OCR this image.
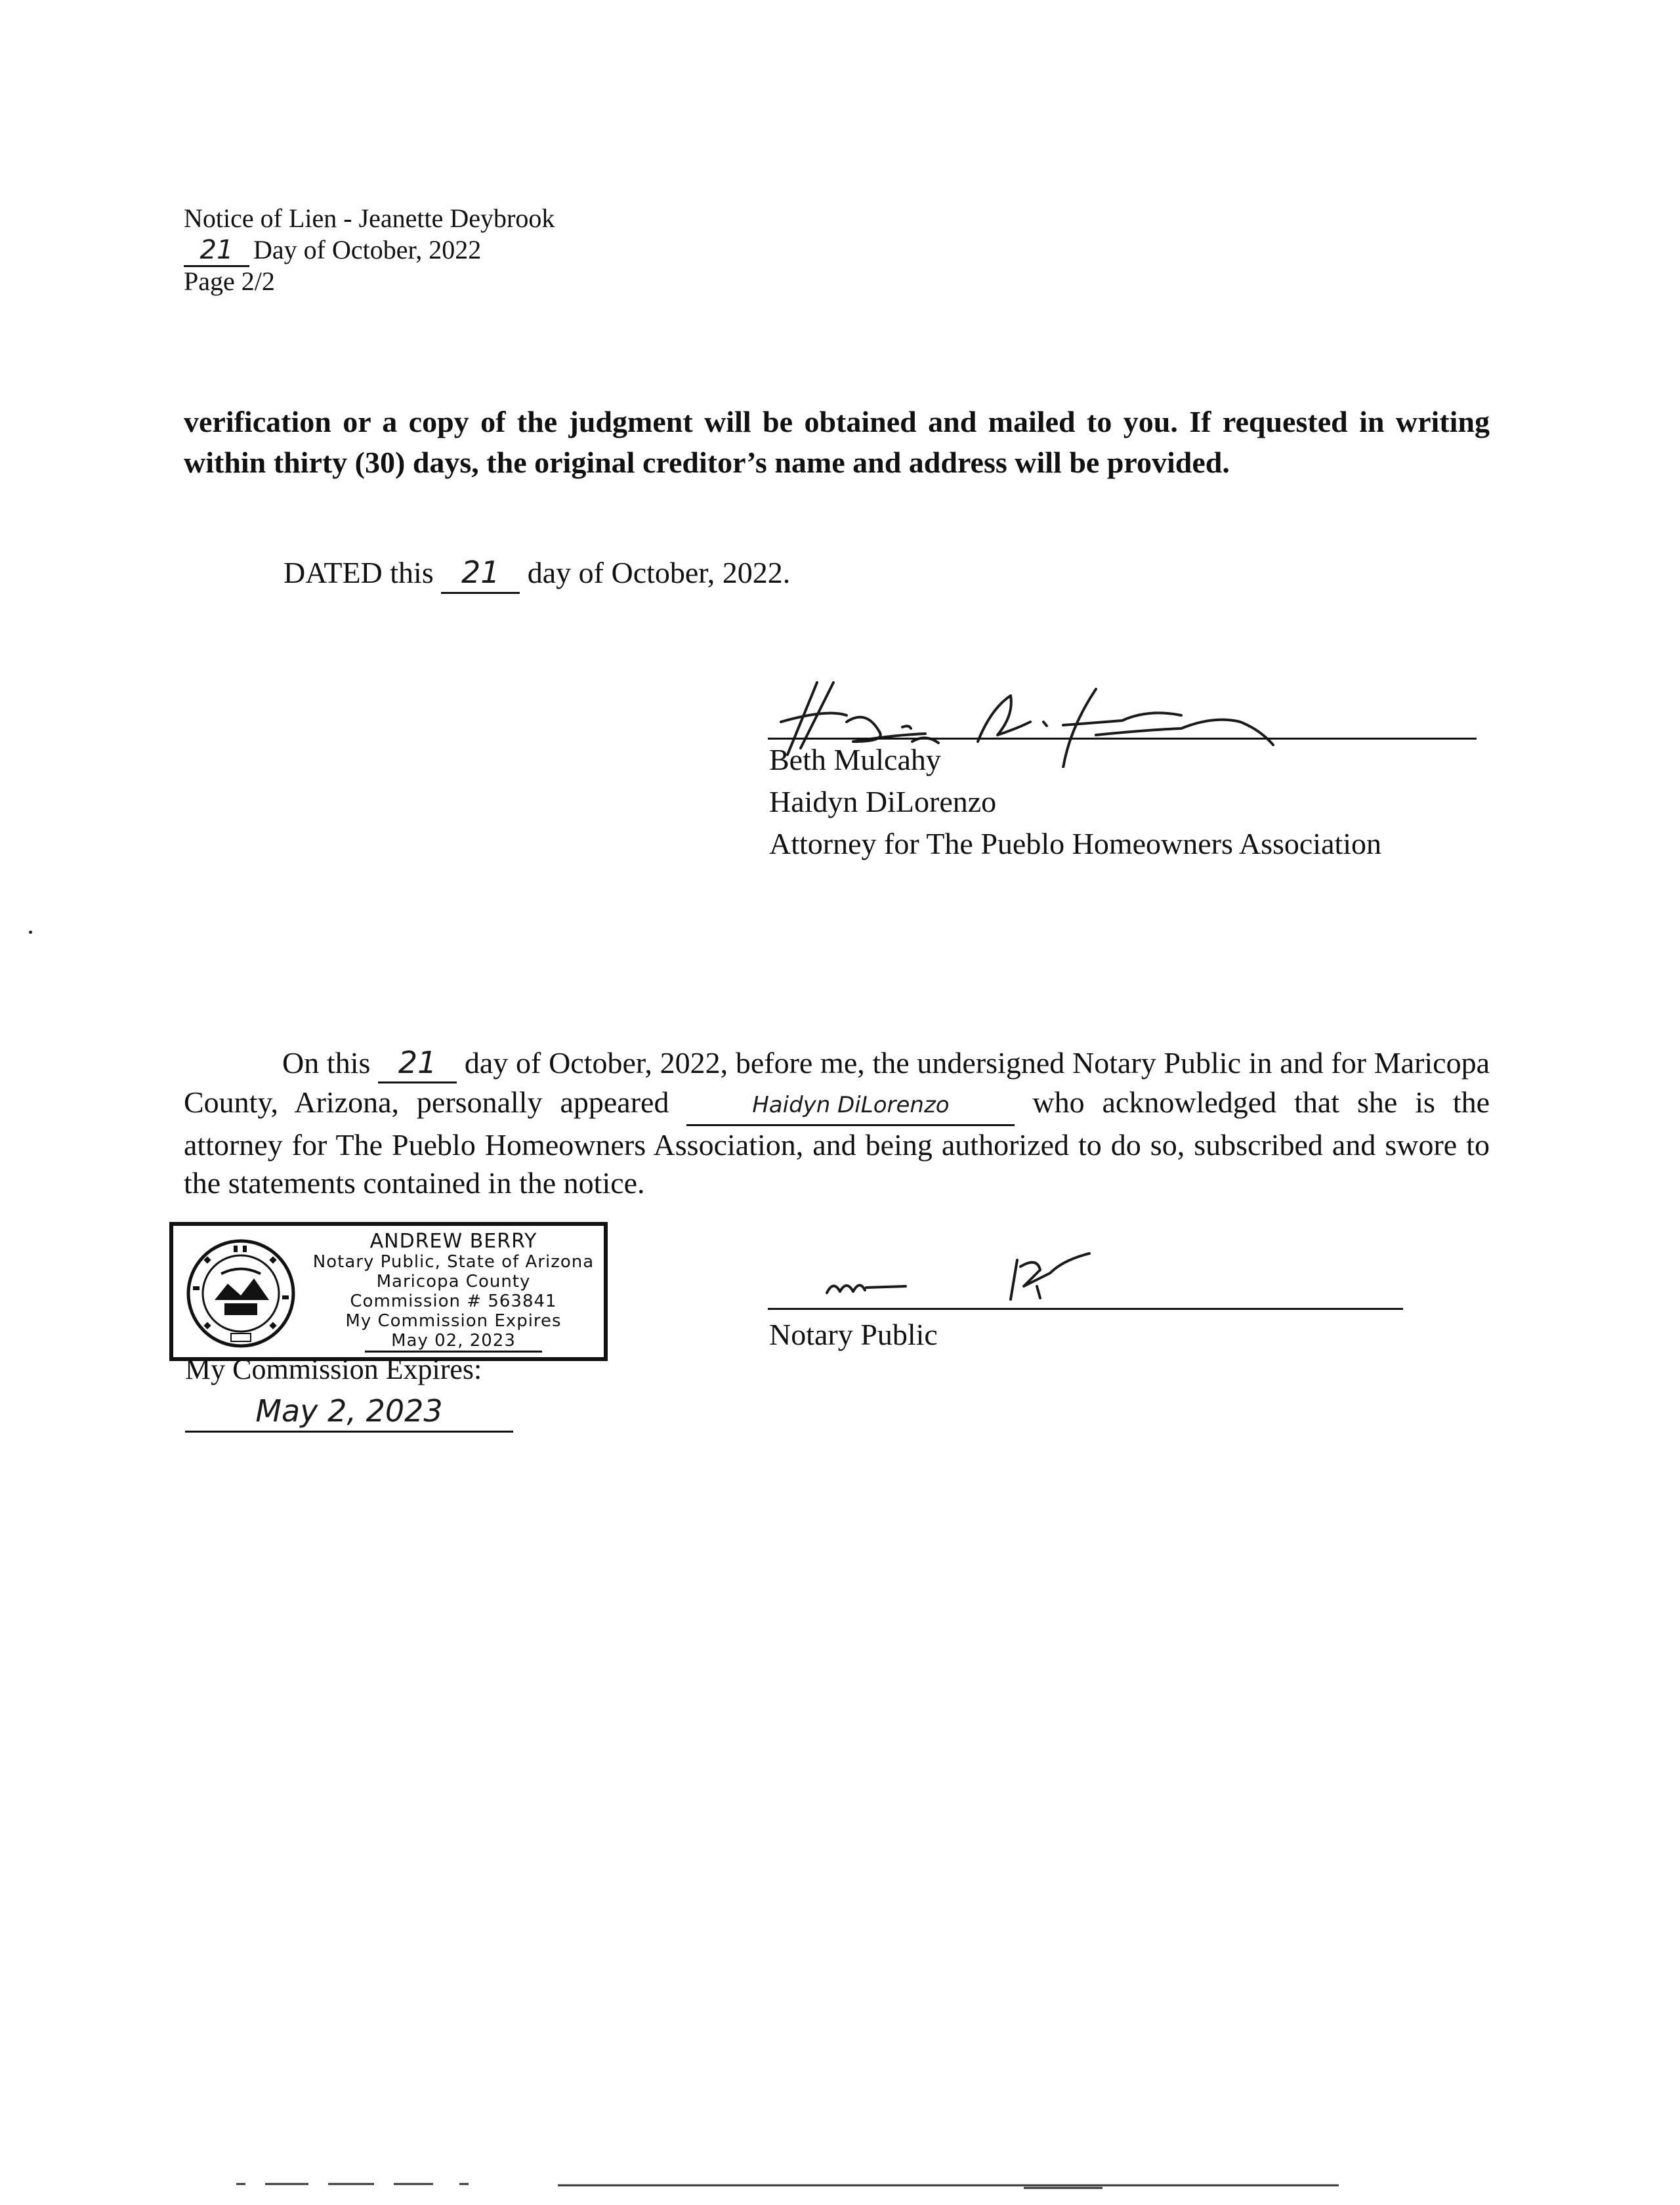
Notice of Lien - Jeanette Deybrook
21 Day of October, 2022
Page 2/2
verification or a copy of the judgment will be obtained and mailed to you. If requested in writing within thirty (30) days, the original creditor’s name and address will be provided.
DATED this 21 day of October, 2022.
Beth Mulcahy
Haidyn DiLorenzo
Attorney for The Pueblo Homeowners Association
On this 21 day of October, 2022, before me, the undersigned Notary Public in and for Maricopa County, Arizona, personally appeared	Haidyn DiLorenzo	who acknowledged that she is the attorney for The Pueblo Homeowners Association, and being authorized to do so, subscribed and swore to the statements contained in the notice.
ANDREW BERRY
Notary Public, State of Arizona
Maricopa County
Commission # 563841
My Commission Expires
May 02, 2023
My Commission Expires:
May 2, 2023
Notary Public
